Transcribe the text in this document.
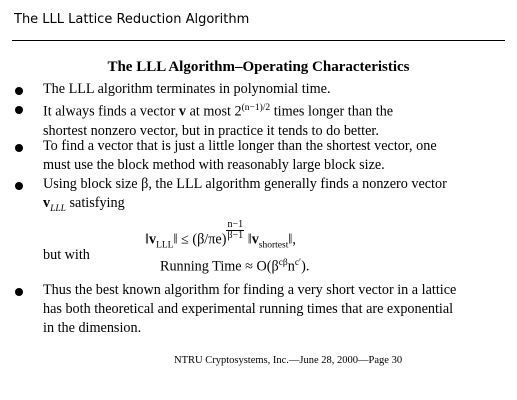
The LLL Lattice Reduction Algorithm
The LLL Algorithm–Operating Characteristics
The LLL algorithm terminates in polynomial time.
It always finds a vector v at most $2^{(n-1)/2}$ times longer than the
shortest nonzero vector, but in practice it tends to do better.
To find a vector that is just a little longer than the shortest vector, one must use the block method with reasonably large block size.
Using block size β, the LLL algorithm generally finds a nonzero vector $v_{LLL}$ satisfying
$‖v_{LLL}‖ \le (\beta/\pi e) \frac{n-1}{\beta-1}$ $‖v_{shortest}‖$,
but with
Running Time ≈ $O(\beta^{c\beta}n^{c'})$.
Thus the best known algorithm for finding a very short vector in a lattice has both theoretical and experimental running times that are exponential in the dimension.
NTRU Cryptosystems, Inc.—June 28, 2000—Page 30
